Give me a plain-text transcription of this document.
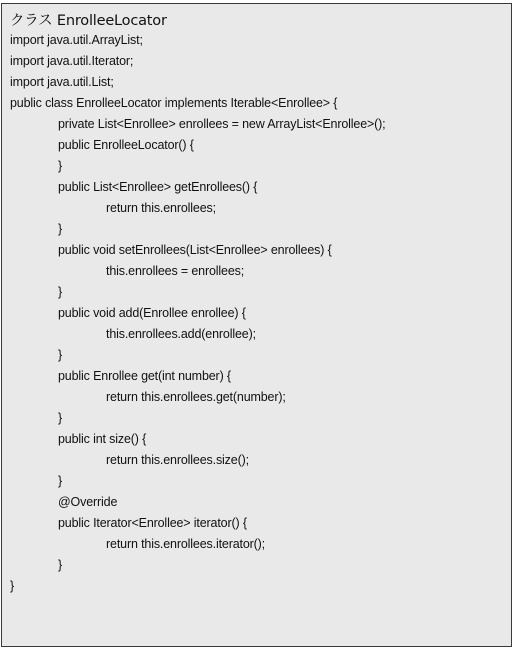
クラス EnrolleeLocator
import java.util.ArrayList;
import java.util.Iterator;
import java.util.List;
public class EnrolleeLocator implements Iterable<Enrollee> {
private List<Enrollee> enrollees = new ArrayList<Enrollee>();
public EnrolleeLocator() {
}
public List<Enrollee> getEnrollees() {
return this.enrollees;
}
public void setEnrollees(List<Enrollee> enrollees) {
this.enrollees = enrollees;
}
public void add(Enrollee enrollee) {
this.enrollees.add(enrollee);
}
public Enrollee get(int number) {
return this.enrollees.get(number);
}
public int size() {
return this.enrollees.size();
}
@Override
public Iterator<Enrollee> iterator() {
return this.enrollees.iterator();
}
}
